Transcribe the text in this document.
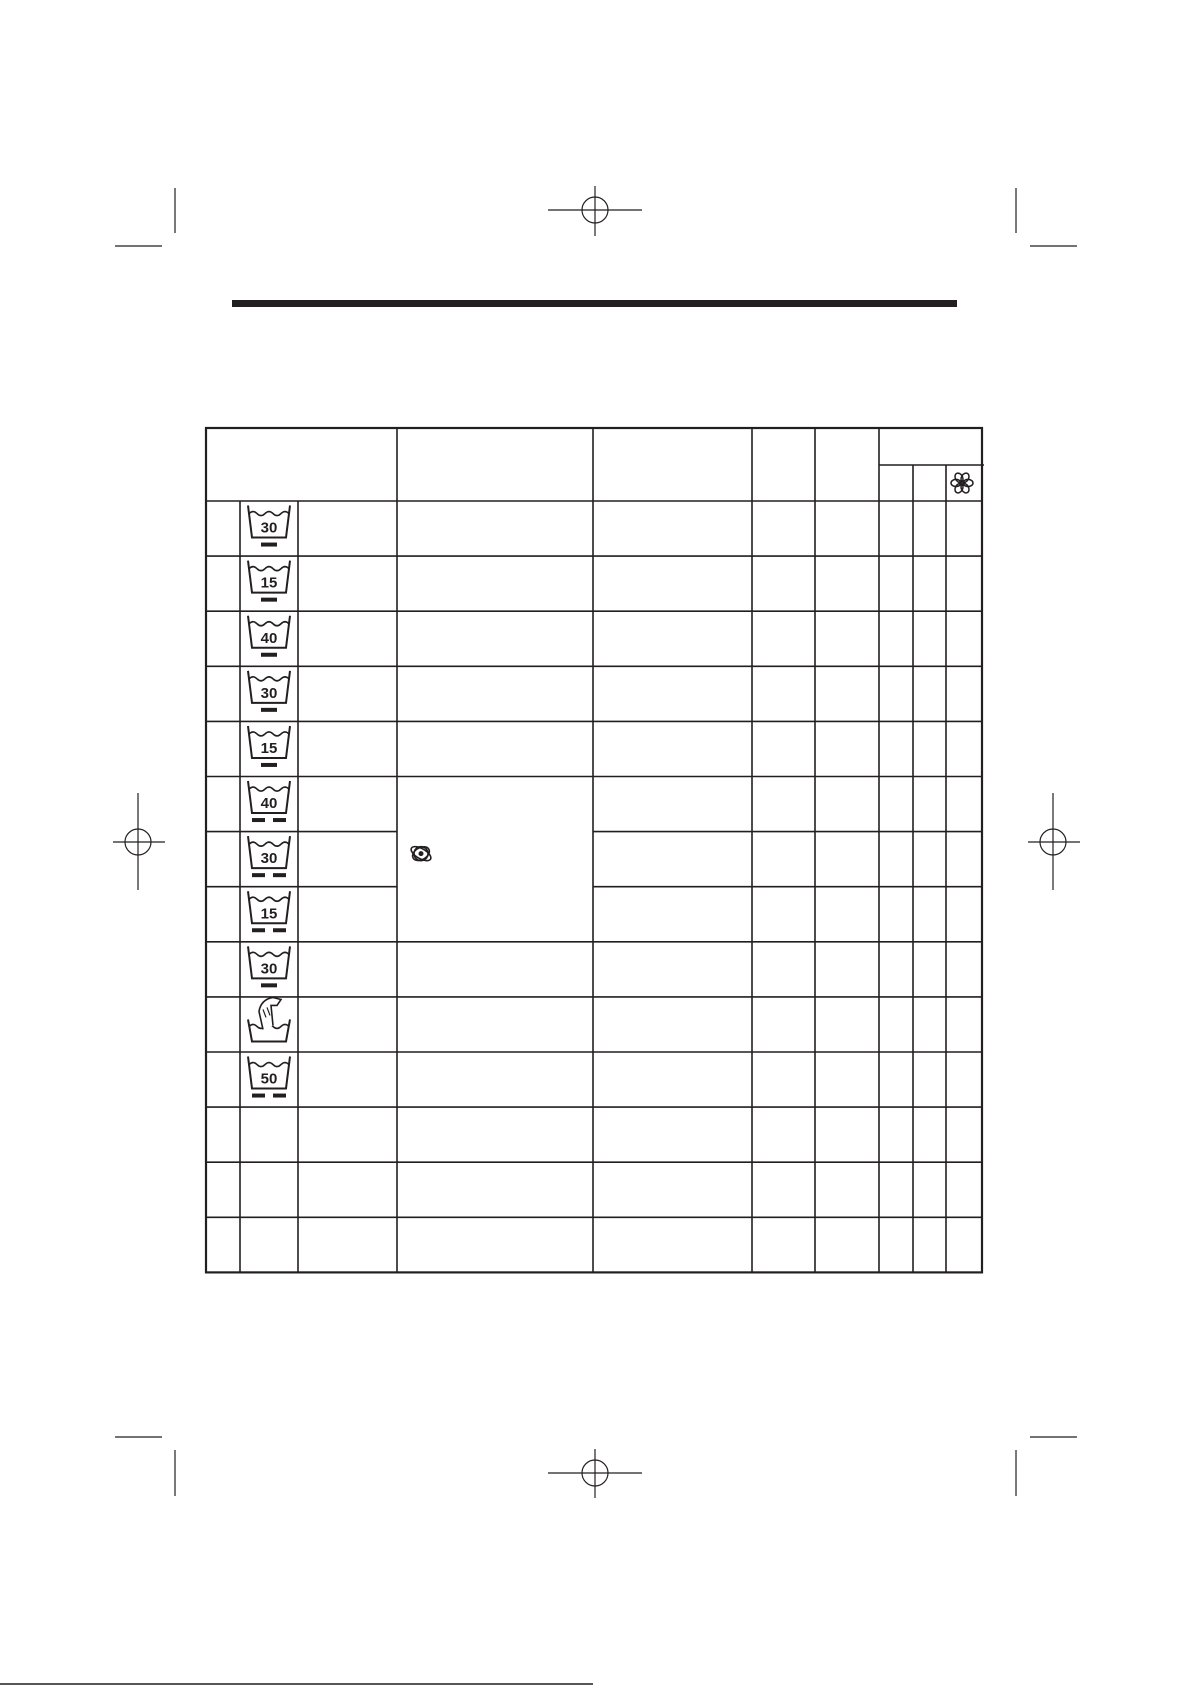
30
15
40
30
15
40
30
15
30
50
